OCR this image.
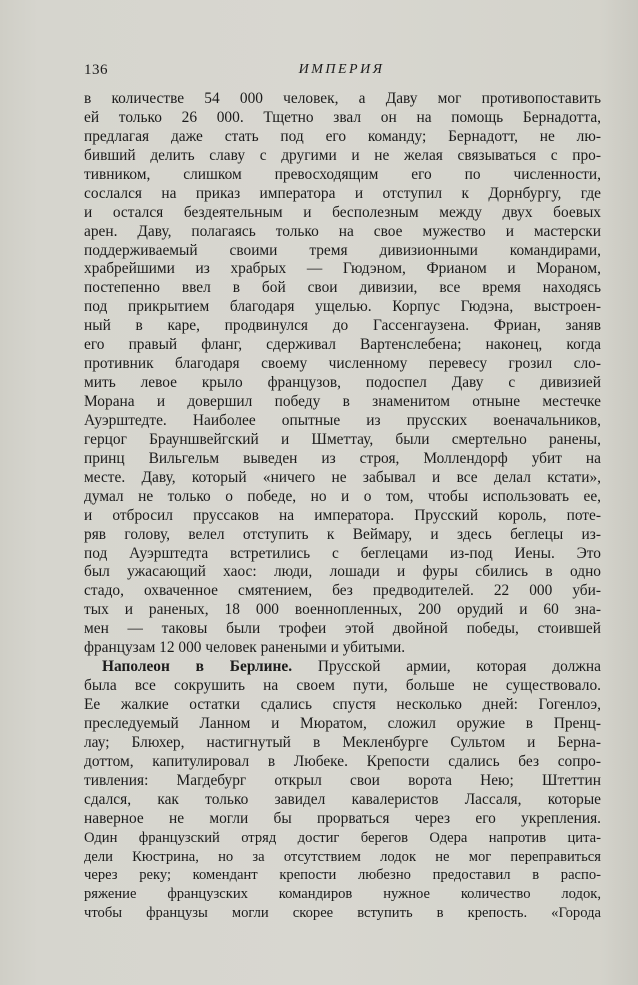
136	ИМПЕРИЯ
в количестве 54 000 человек, а Даву мог противопоставить
ей только 26 000. Тщетно звал он на помощь Бернадотта,
предлагая даже стать под его команду; Бернадотт, не лю-
бивший делить славу с другими и не желая связываться с про-
тивником, слишком превосходящим его по численности,
сослался на приказ императора и отступил к Дорнбургу, где
и остался бездеятельным и бесполезным между двух боевых
арен. Даву, полагаясь только на свое мужество и мастерски
поддерживаемый своими тремя дивизионными командирами,
храбрейшими из храбрых — Гюдэном, Фрианом и Мораном,
постепенно ввел в бой свои дивизии, все время находясь
под прикрытием благодаря ущелью. Корпус Гюдэна, выстроен-
ный в каре, продвинулся до Гассенгаузена. Фриан, заняв
его правый фланг, сдерживал Вартенслебена; наконец, когда
противник благодаря своему численному перевесу грозил сло-
мить левое крыло французов, подоспел Даву с дивизией
Морана и довершил победу в знаменитом отныне местечке
Ауэрштедте. Наиболее опытные из прусских военачальников,
герцог Брауншвейгский и Шметтау, были смертельно ранены,
принц Вильгельм выведен из строя, Моллендорф убит на
месте. Даву, который «ничего не забывал и все делал кстати»,
думал не только о победе, но и о том, чтобы использовать ее,
и отбросил пруссаков на императора. Прусский король, поте-
ряв голову, велел отступить к Веймару, и здесь беглецы из-
под Ауэрштедта встретились с беглецами из-под Иены. Это
был ужасающий хаос: люди, лошади и фуры сбились в одно
стадо, охваченное смятением, без предводителей. 22 000 уби-
тых и раненых, 18 000 военнопленных, 200 орудий и 60 зна-
мен — таковы были трофеи этой двойной победы, стоившей
французам 12 000 человек ранеными и убитыми.
Наполеон в Берлине. Прусской армии, которая должна
была все сокрушить на своем пути, больше не существовало.
Ее жалкие остатки сдались спустя несколько дней: Гогенлоэ,
преследуемый Ланном и Мюратом, сложил оружие в Пренц-
лау; Блюхер, настигнутый в Мекленбурге Сультом и Берна-
доттом, капитулировал в Любеке. Крепости сдались без сопро-
тивления: Магдебург открыл свои ворота Нею; Штеттин
сдался, как только завидел кавалеристов Лассаля, которые
наверное не могли бы прорваться через его укрепления.
Один французский отряд достиг берегов Одера напротив цита-
дели Кюстрина, но за отсутствием лодок не мог переправиться
через реку; комендант крепости любезно предоставил в распо-
ряжение французских командиров нужное количество лодок,
чтобы французы могли скорее вступить в крепость. «Города
